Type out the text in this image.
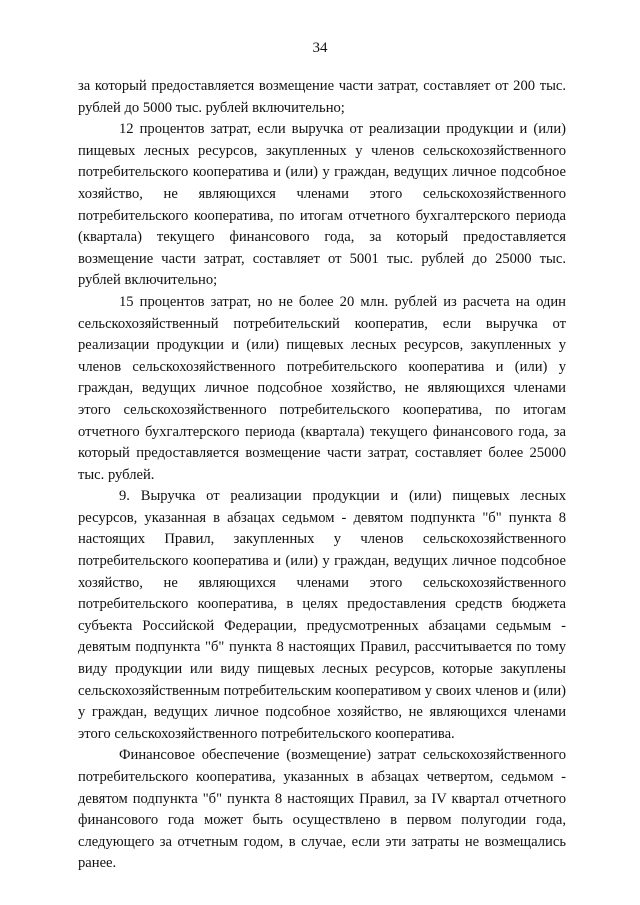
34

за который предоставляется возмещение части затрат, составляет от 200 тыс. рублей до 5000 тыс. рублей включительно;

12 процентов затрат, если выручка от реализации продукции и (или) пищевых лесных ресурсов, закупленных у членов сельскохозяйственного потребительского кооператива и (или) у граждан, ведущих личное подсобное хозяйство, не являющихся членами этого сельскохозяйственного потребительского кооператива, по итогам отчетного бухгалтерского периода (квартала) текущего финансового года, за который предоставляется возмещение части затрат, составляет от 5001 тыс. рублей до 25000 тыс. рублей включительно;

15 процентов затрат, но не более 20 млн. рублей из расчета на один сельскохозяйственный потребительский кооператив, если выручка от реализации продукции и (или) пищевых лесных ресурсов, закупленных у членов сельскохозяйственного потребительского кооператива и (или) у граждан, ведущих личное подсобное хозяйство, не являющихся членами этого сельскохозяйственного потребительского кооператива, по итогам отчетного бухгалтерского периода (квартала) текущего финансового года, за который предоставляется возмещение части затрат, составляет более 25000 тыс. рублей.

9. Выручка от реализации продукции и (или) пищевых лесных ресурсов, указанная в абзацах седьмом - девятом подпункта "б" пункта 8 настоящих Правил, закупленных у членов сельскохозяйственного потребительского кооператива и (или) у граждан, ведущих личное подсобное хозяйство, не являющихся членами этого сельскохозяйственного потребительского кооператива, в целях предоставления средств бюджета субъекта Российской Федерации, предусмотренных абзацами седьмым - девятым подпункта "б" пункта 8 настоящих Правил, рассчитывается по тому виду продукции или виду пищевых лесных ресурсов, которые закуплены сельскохозяйственным потребительским кооперативом у своих членов и (или) у граждан, ведущих личное подсобное хозяйство, не являющихся членами этого сельскохозяйственного потребительского кооператива.

Финансовое обеспечение (возмещение) затрат сельскохозяйственного потребительского кооператива, указанных в абзацах четвертом, седьмом - девятом подпункта "б" пункта 8 настоящих Правил, за IV квартал отчетного финансового года может быть осуществлено в первом полугодии года, следующего за отчетным годом, в случае, если эти затраты не возмещались ранее.
